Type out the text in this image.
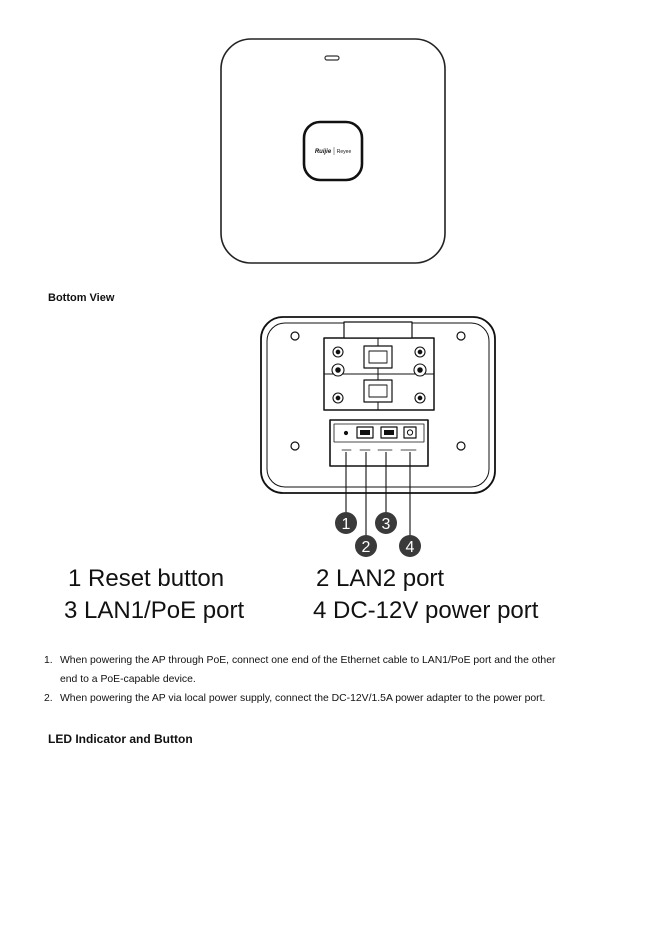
Ruijie Reyee
Bottom View
1
2
3
4
1 Reset button	2 LAN2 port
3 LAN1/PoE port	4 DC-12V power port
1. When powering the AP through PoE, connect one end of the Ethernet cable to LAN1/PoE port and the other
end to a PoE-capable device.
2. When powering the AP via local power supply, connect the DC-12V/1.5A power adapter to the power port.
LED Indicator and Button
